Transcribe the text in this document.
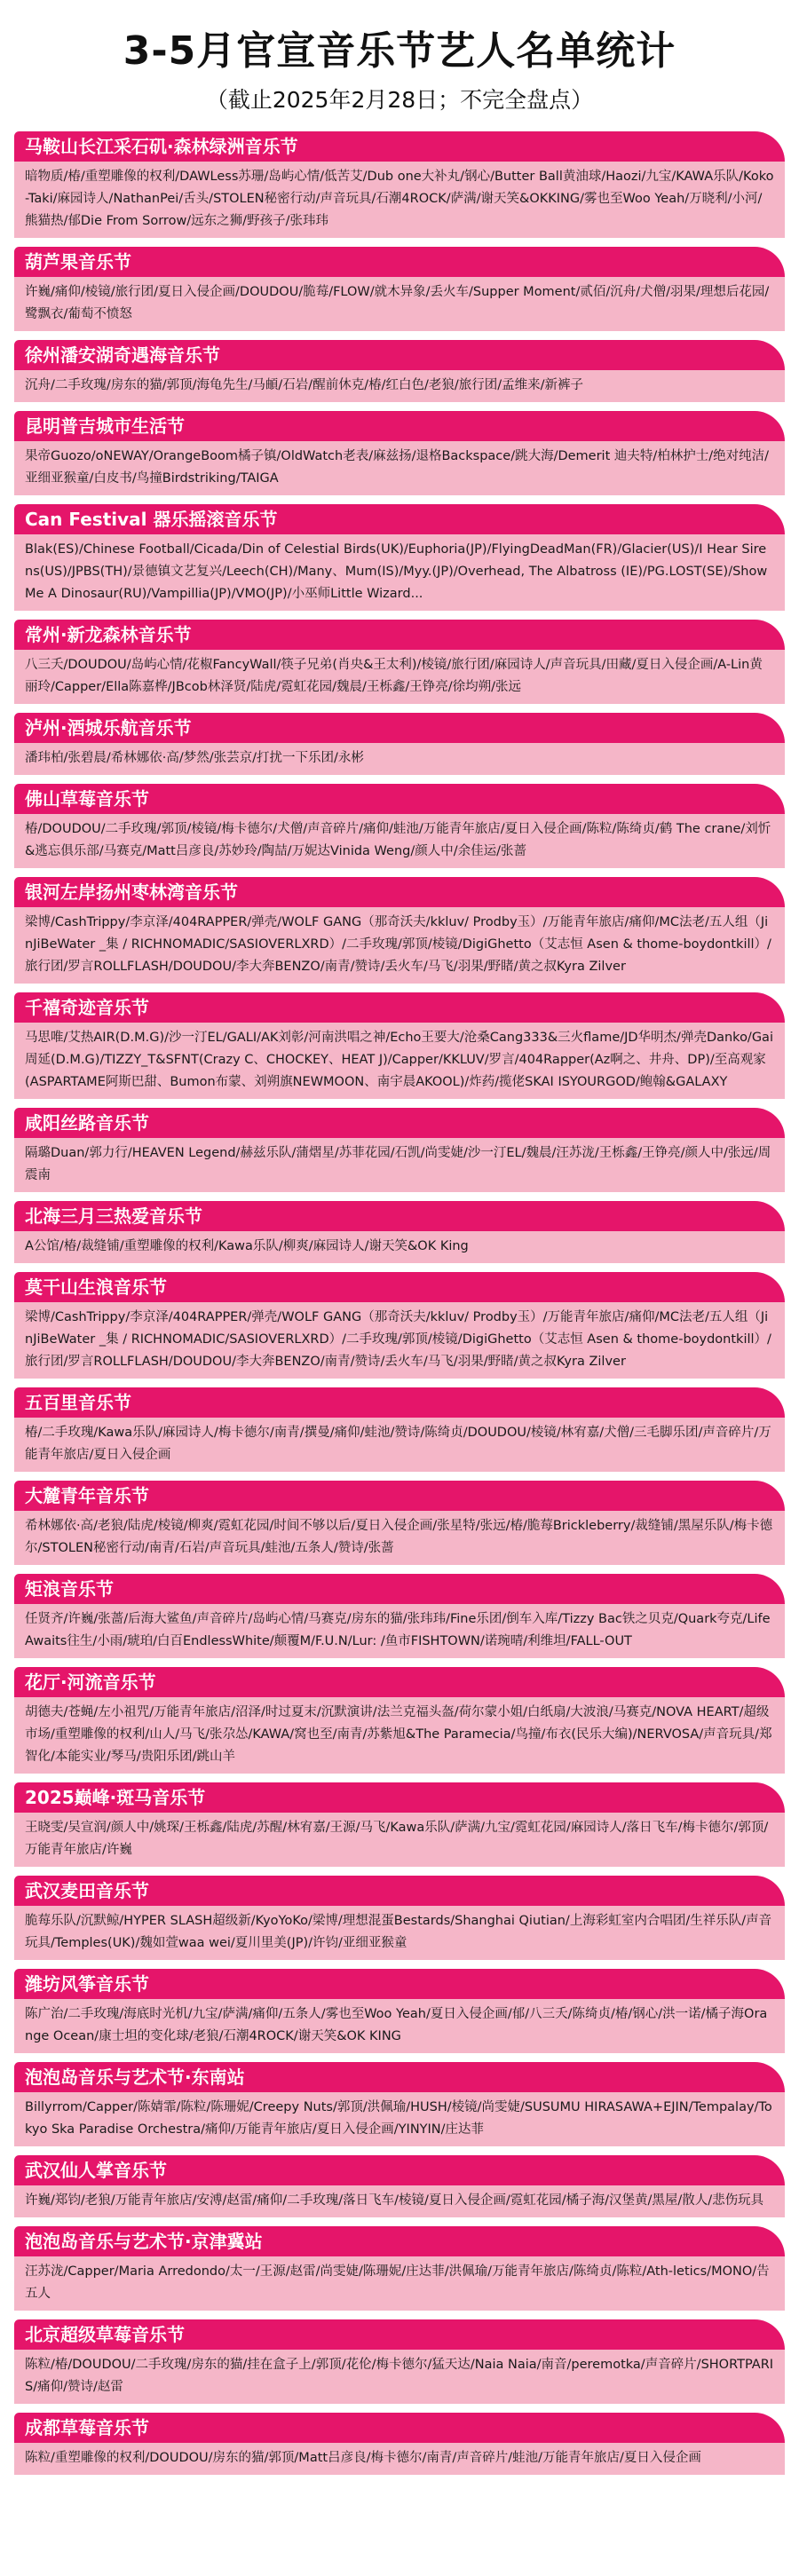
3-5月官宣音乐节艺人名单统计
（截止2025年2月28日；不完全盘点）
马鞍山长江采石矶·森林绿洲音乐节
暗物质/椿/重塑雕像的权利/DAWLess苏珊/岛屿心情/低苦艾/Dub one大补丸/钢心/Butter Ball黄油球/Haozi/九宝/KAWA乐队/Koko-Taki/麻园诗人/NathanPei/舌头/STOLEN秘密行动/声音玩具/石潮4ROCK/萨满/谢天笑&OKKING/雾也至Woo Yeah/万晓利/小河/熊猫热/郁Die From Sorrow/远东之狮/野孩子/张玮玮
葫芦果音乐节
许巍/痛仰/棱镜/旅行团/夏日入侵企画/DOUDOU/脆莓/FLOW/就木异象/丢火车/Supper Moment/贰佰/沉舟/犬僧/羽果/理想后花园/鹭飘衣/葡萄不愤怒
徐州潘安湖奇遇海音乐节
沉舟/二手玫瑰/房东的猫/郭顶/海龟先生/马頔/石岩/醒前休克/椿/红白色/老狼/旅行团/孟维来/新裤子
昆明普吉城市生活节
果帝Guozo/oNEWAY/OrangeBoom橘子镇/OldWatch老表/麻兹扬/退格Backspace/跳大海/Demerit 迪夫特/柏林护士/绝对纯洁/亚细亚猴童/白皮书/鸟撞Birdstriking/TAIGA
Can Festival 器乐摇滚音乐节
Blak(ES)/Chinese Football/Cicada/Din of Celestial Birds(UK)/Euphoria(JP)/FlyingDeadMan(FR)/Glacier(US)/I Hear Sirens(US)/JPBS(TH)/景德镇文艺复兴/Leech(CH)/Many、Mum(IS)/Myy.(JP)/Overhead, The Albatross (IE)/PG.LOST(SE)/Show Me A Dinosaur(RU)/Vampillia(JP)/VMO(JP)/小巫师Little Wizard...
常州·新龙森林音乐节
八三夭/DOUDOU/岛屿心情/花椒FancyWall/筷子兄弟(肖央&王太利)/棱镜/旅行团/麻园诗人/声音玩具/田藏/夏日入侵企画/A-Lin黄丽玲/Capper/Ella陈嘉桦/JBcob林泽贤/陆虎/霓虹花园/魏晨/王栎鑫/王铮亮/徐均朔/张远
泸州·酒城乐航音乐节
潘玮柏/张碧晨/希林娜依·高/梦然/张芸京/打扰一下乐团/永彬
佛山草莓音乐节
椿/DOUDOU/二手玫瑰/郭顶/棱镜/梅卡德尔/犬僧/声音碎片/痛仰/蛙池/万能青年旅店/夏日入侵企画/陈粒/陈绮贞/鹤 The crane/刘忻&逃忘俱乐部/马赛克/Matt吕彦良/苏妙玲/陶喆/万妮达Vinida Weng/颜人中/余佳运/张蔷
银河左岸扬州枣林湾音乐节
梁博/CashTrippy/李京泽/404RAPPER/弹壳/WOLF GANG（那奇沃夫/kkluv/ Prodby玉）/万能青年旅店/痛仰/MC法老/五人组（JinJiBeWater _集 / RICHNOMADIC/SASIOVERLXRD）/二手玫瑰/郭顶/棱镜/DigiGhetto（艾志恒 Asen & thome-boydontkill）/旅行团/罗言ROLLFLASH/DOUDOU/李大奔BENZO/南青/赞诗/丢火车/马飞/羽果/野睹/黄之叔Kyra Zilver
千禧奇迹音乐节
马思唯/艾热AIR(D.M.G)/沙一汀EL/GALI/AK刘彰/河南洪唱之神/Echo王要大/沧桑Cang333&三火flame/JD华明杰/弹壳Danko/Gai周延(D.M.G)/TIZZY_T&SFNT(Crazy C、CHOCKEY、HEAT J)/Capper/KKLUV/罗言/404Rapper(Az啊之、井舟、DP)/至高观家(ASPARTAME阿斯巴甜、Bumon布蒙、刘朔旗NEWMOON、南宇晨AKOOL)/炸药/揽佬SKAI ISYOURGOD/鲍翰&GALAXY
咸阳丝路音乐节
隔璐Duan/郭力行/HEAVEN Legend/赫兹乐队/蒲熠星/苏菲花园/石凯/尚雯婕/沙一汀EL/魏晨/汪苏泷/王栎鑫/王铮亮/颜人中/张远/周震南
北海三月三热爱音乐节
A公馆/椿/裁缝铺/重塑雕像的权利/Kawa乐队/柳爽/麻园诗人/谢天笑&OK King
莫干山生浪音乐节
梁博/CashTrippy/李京泽/404RAPPER/弹壳/WOLF GANG（那奇沃夫/kkluv/ Prodby玉）/万能青年旅店/痛仰/MC法老/五人组（JinJiBeWater _集 / RICHNOMADIC/SASIOVERLXRD）/二手玫瑰/郭顶/棱镜/DigiGhetto（艾志恒 Asen & thome-boydontkill）/旅行团/罗言ROLLFLASH/DOUDOU/李大奔BENZO/南青/赞诗/丢火车/马飞/羽果/野睹/黄之叔Kyra Zilver
五百里音乐节
椿/二手玫瑰/Kawa乐队/麻园诗人/梅卡德尔/南青/撰曼/痛仰/蛙池/赞诗/陈绮贞/DOUDOU/棱镜/林宥嘉/犬僧/三毛脚乐团/声音碎片/万能青年旅店/夏日入侵企画
大麓青年音乐节
希林娜依·高/老狼/陆虎/棱镜/柳爽/霓虹花园/时间不够以后/夏日入侵企画/张星特/张远/椿/脆莓Brickleberry/裁缝铺/黑屋乐队/梅卡德尔/STOLEN秘密行动/南青/石岩/声音玩具/蛙池/五条人/赞诗/张蔷
矩浪音乐节
任贤齐/许巍/张蔷/后海大鲨鱼/声音碎片/岛屿心情/马赛克/房东的猫/张玮玮/Fine乐团/倒车入库/Tizzy Bac铁之贝克/Quark夸克/Life Awaits往生/小雨/琥珀/白百EndlessWhite/颠覆M/F.U.N/Lur: /鱼市FISHTOWN/诺琬晴/利维坦/FALL-OUT
花厅·河流音乐节
胡德夫/苍蝇/左小祖咒/万能青年旅店/沼泽/时过夏末/沉默演讲/法兰克福头盔/荷尔蒙小姐/白纸扇/大波浪/马赛克/NOVA HEART/超级市场/重塑雕像的权利/山人/马飞/张尕怂/KAWA/窝也至/南青/苏紫旭&The Paramecia/鸟撞/布衣(民乐大编)/NERVOSA/声音玩具/郑智化/本能实业/琴马/贵阳乐团/跳山羊
2025巅峰·斑马音乐节
王晓雯/吴宣润/颜人中/姚琛/王栎鑫/陆虎/苏醒/林宥嘉/王源/马飞/Kawa乐队/萨满/九宝/霓虹花园/麻园诗人/落日飞车/梅卡德尔/郭顶/万能青年旅店/许巍
武汉麦田音乐节
脆莓乐队/沉默鲸/HYPER SLASH超级新/KyoYoKo/梁博/理想混蛋Bestards/Shanghai Qiutian/上海彩虹室内合唱团/生祥乐队/声音玩具/Temples(UK)/魏如萱waa wei/夏川里美(JP)/许钧/亚细亚猴童
潍坊风筝音乐节
陈广治/二手玫瑰/海底时光机/九宝/萨满/痛仰/五条人/雾也至Woo Yeah/夏日入侵企画/郁/八三夭/陈绮贞/椿/钢心/洪一诺/橘子海Orange Ocean/康士坦的变化球/老狼/石潮4ROCK/谢天笑&OK KING
泡泡岛音乐与艺术节·东南站
Billyrrom/Capper/陈婧霏/陈粒/陈珊妮/Creepy Nuts/郭顶/洪佩瑜/HUSH/棱镜/尚雯婕/SUSUMU HIRASAWA+EJIN/Tempalay/Tokyo Ska Paradise Orchestra/痛仰/万能青年旅店/夏日入侵企画/YINYIN/庄达菲
武汉仙人掌音乐节
许巍/郑钧/老狼/万能青年旅店/安溥/赵雷/痛仰/二手玫瑰/落日飞车/棱镜/夏日入侵企画/霓虹花园/橘子海/汉堡黄/黑屋/散人/悲伤玩具
泡泡岛音乐与艺术节·京津冀站
汪苏泷/Capper/Maria Arredondo/太一/王源/赵雷/尚雯婕/陈珊妮/庄达菲/洪佩瑜/万能青年旅店/陈绮贞/陈粒/Ath-letics/MONO/告五人
北京超级草莓音乐节
陈粒/椿/DOUDOU/二手玫瑰/房东的猫/挂在盒子上/郭顶/花伦/梅卡德尔/猛天达/Naia Naia/南音/peremotka/声音碎片/SHORTPARIS/痛仰/赞诗/赵雷
成都草莓音乐节
陈粒/重塑雕像的权利/DOUDOU/房东的猫/郭顶/Matt吕彦良/梅卡德尔/南青/声音碎片/蛙池/万能青年旅店/夏日入侵企画
